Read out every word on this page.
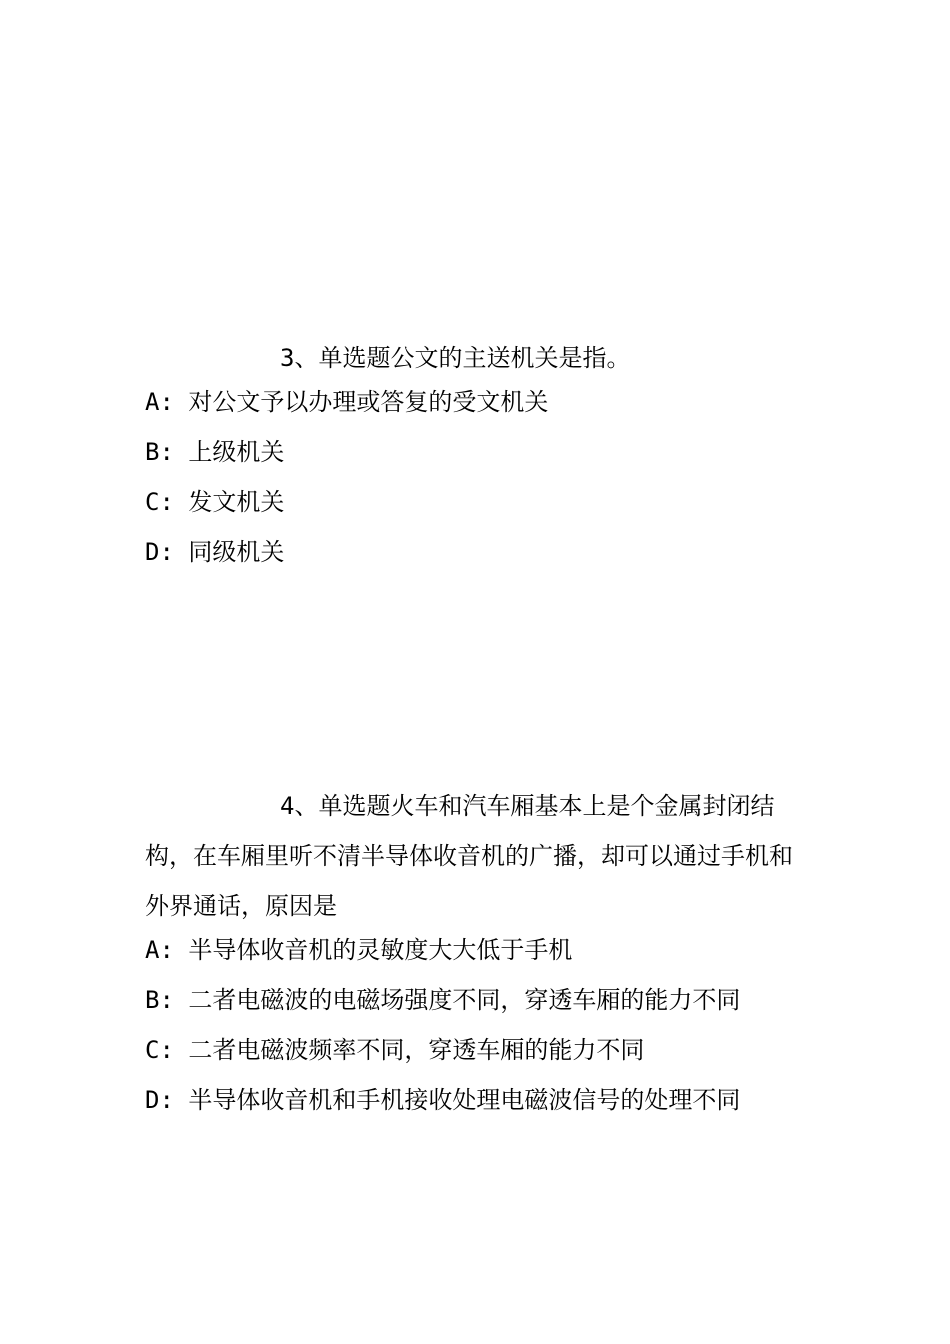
3、单选题公文的主送机关是指。
A: 对公文予以办理或答复的受文机关
B: 上级机关
C: 发文机关
D: 同级机关
4、单选题火车和汽车厢基本上是个金属封闭结构，在车厢里听不清半导体收音机的广播，却可以通过手机和外界通话，原因是
A: 半导体收音机的灵敏度大大低于手机
B: 二者电磁波的电磁场强度不同，穿透车厢的能力不同
C: 二者电磁波频率不同，穿透车厢的能力不同
D: 半导体收音机和手机接收处理电磁波信号的处理不同
